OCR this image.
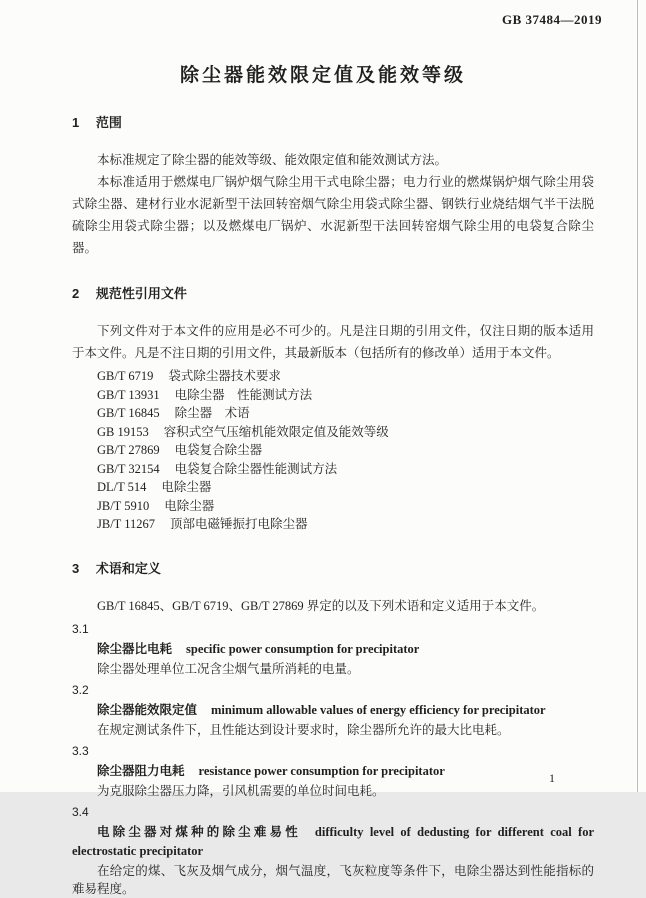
GB 37484—2019
除尘器能效限定值及能效等级
1 范围

本标准规定了除尘器的能效等级、能效限定值和能效测试方法。

本标准适用于燃煤电厂锅炉烟气除尘用干式电除尘器；电力行业的燃煤锅炉烟气除尘用袋式除尘器、建材行业水泥新型干法回转窑烟气除尘用袋式除尘器、钢铁行业烧结烟气半干法脱硫除尘用袋式除尘器；以及燃煤电厂锅炉、水泥新型干法回转窑烟气除尘用的电袋复合除尘器。

2 规范性引用文件

下列文件对于本文件的应用是必不可少的。凡是注日期的引用文件，仅注日期的版本适用于本文件。凡是不注日期的引用文件，其最新版本（包括所有的修改单）适用于本文件。

GB/T 6719 袋式除尘器技术要求

GB/T 13931 电除尘器　性能测试方法

GB/T 16845 除尘器　术语

GB 19153 容积式空气压缩机能效限定值及能效等级

GB/T 27869 电袋复合除尘器

GB/T 32154 电袋复合除尘器性能测试方法

DL/T 514 电除尘器

JB/T 5910 电除尘器

JB/T 11267 顶部电磁锤振打电除尘器

3 术语和定义

GB/T 16845、GB/T 6719、GB/T 27869 界定的以及下列术语和定义适用于本文件。

3.1

除尘器比电耗 specific power consumption for precipitator

除尘器处理单位工况含尘烟气量所消耗的电量。

3.2

除尘器能效限定值 minimum allowable values of energy efficiency for precipitator

在规定测试条件下，且性能达到设计要求时，除尘器所允许的最大比电耗。

3.3

除尘器阻力电耗 resistance power consumption for precipitator

为克服除尘器压力降，引风机需要的单位时间电耗。

3.4

电除尘器对煤种的除尘难易性 difficulty level of dedusting for different coal for electrostatic precipitator

在给定的煤、飞灰及烟气成分，烟气温度，飞灰粒度等条件下，电除尘器达到性能指标的难易程度。

1
